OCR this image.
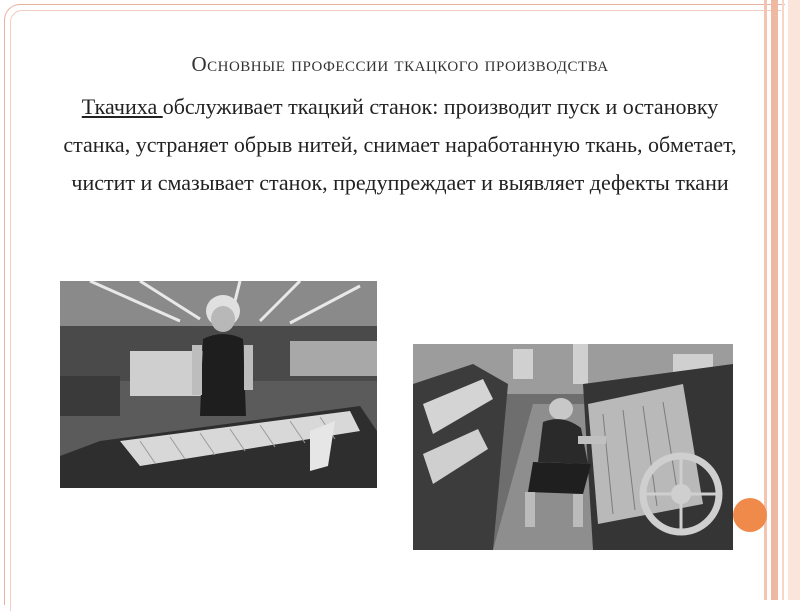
Основные профессии ткацкого производства
Ткачиха обслуживает ткацкий станок: производит пуск и остановку станка, устраняет обрыв нитей, снимает наработанную ткань, обметает, чистит и смазывает станок, предупреждает и выявляет дефекты ткани
